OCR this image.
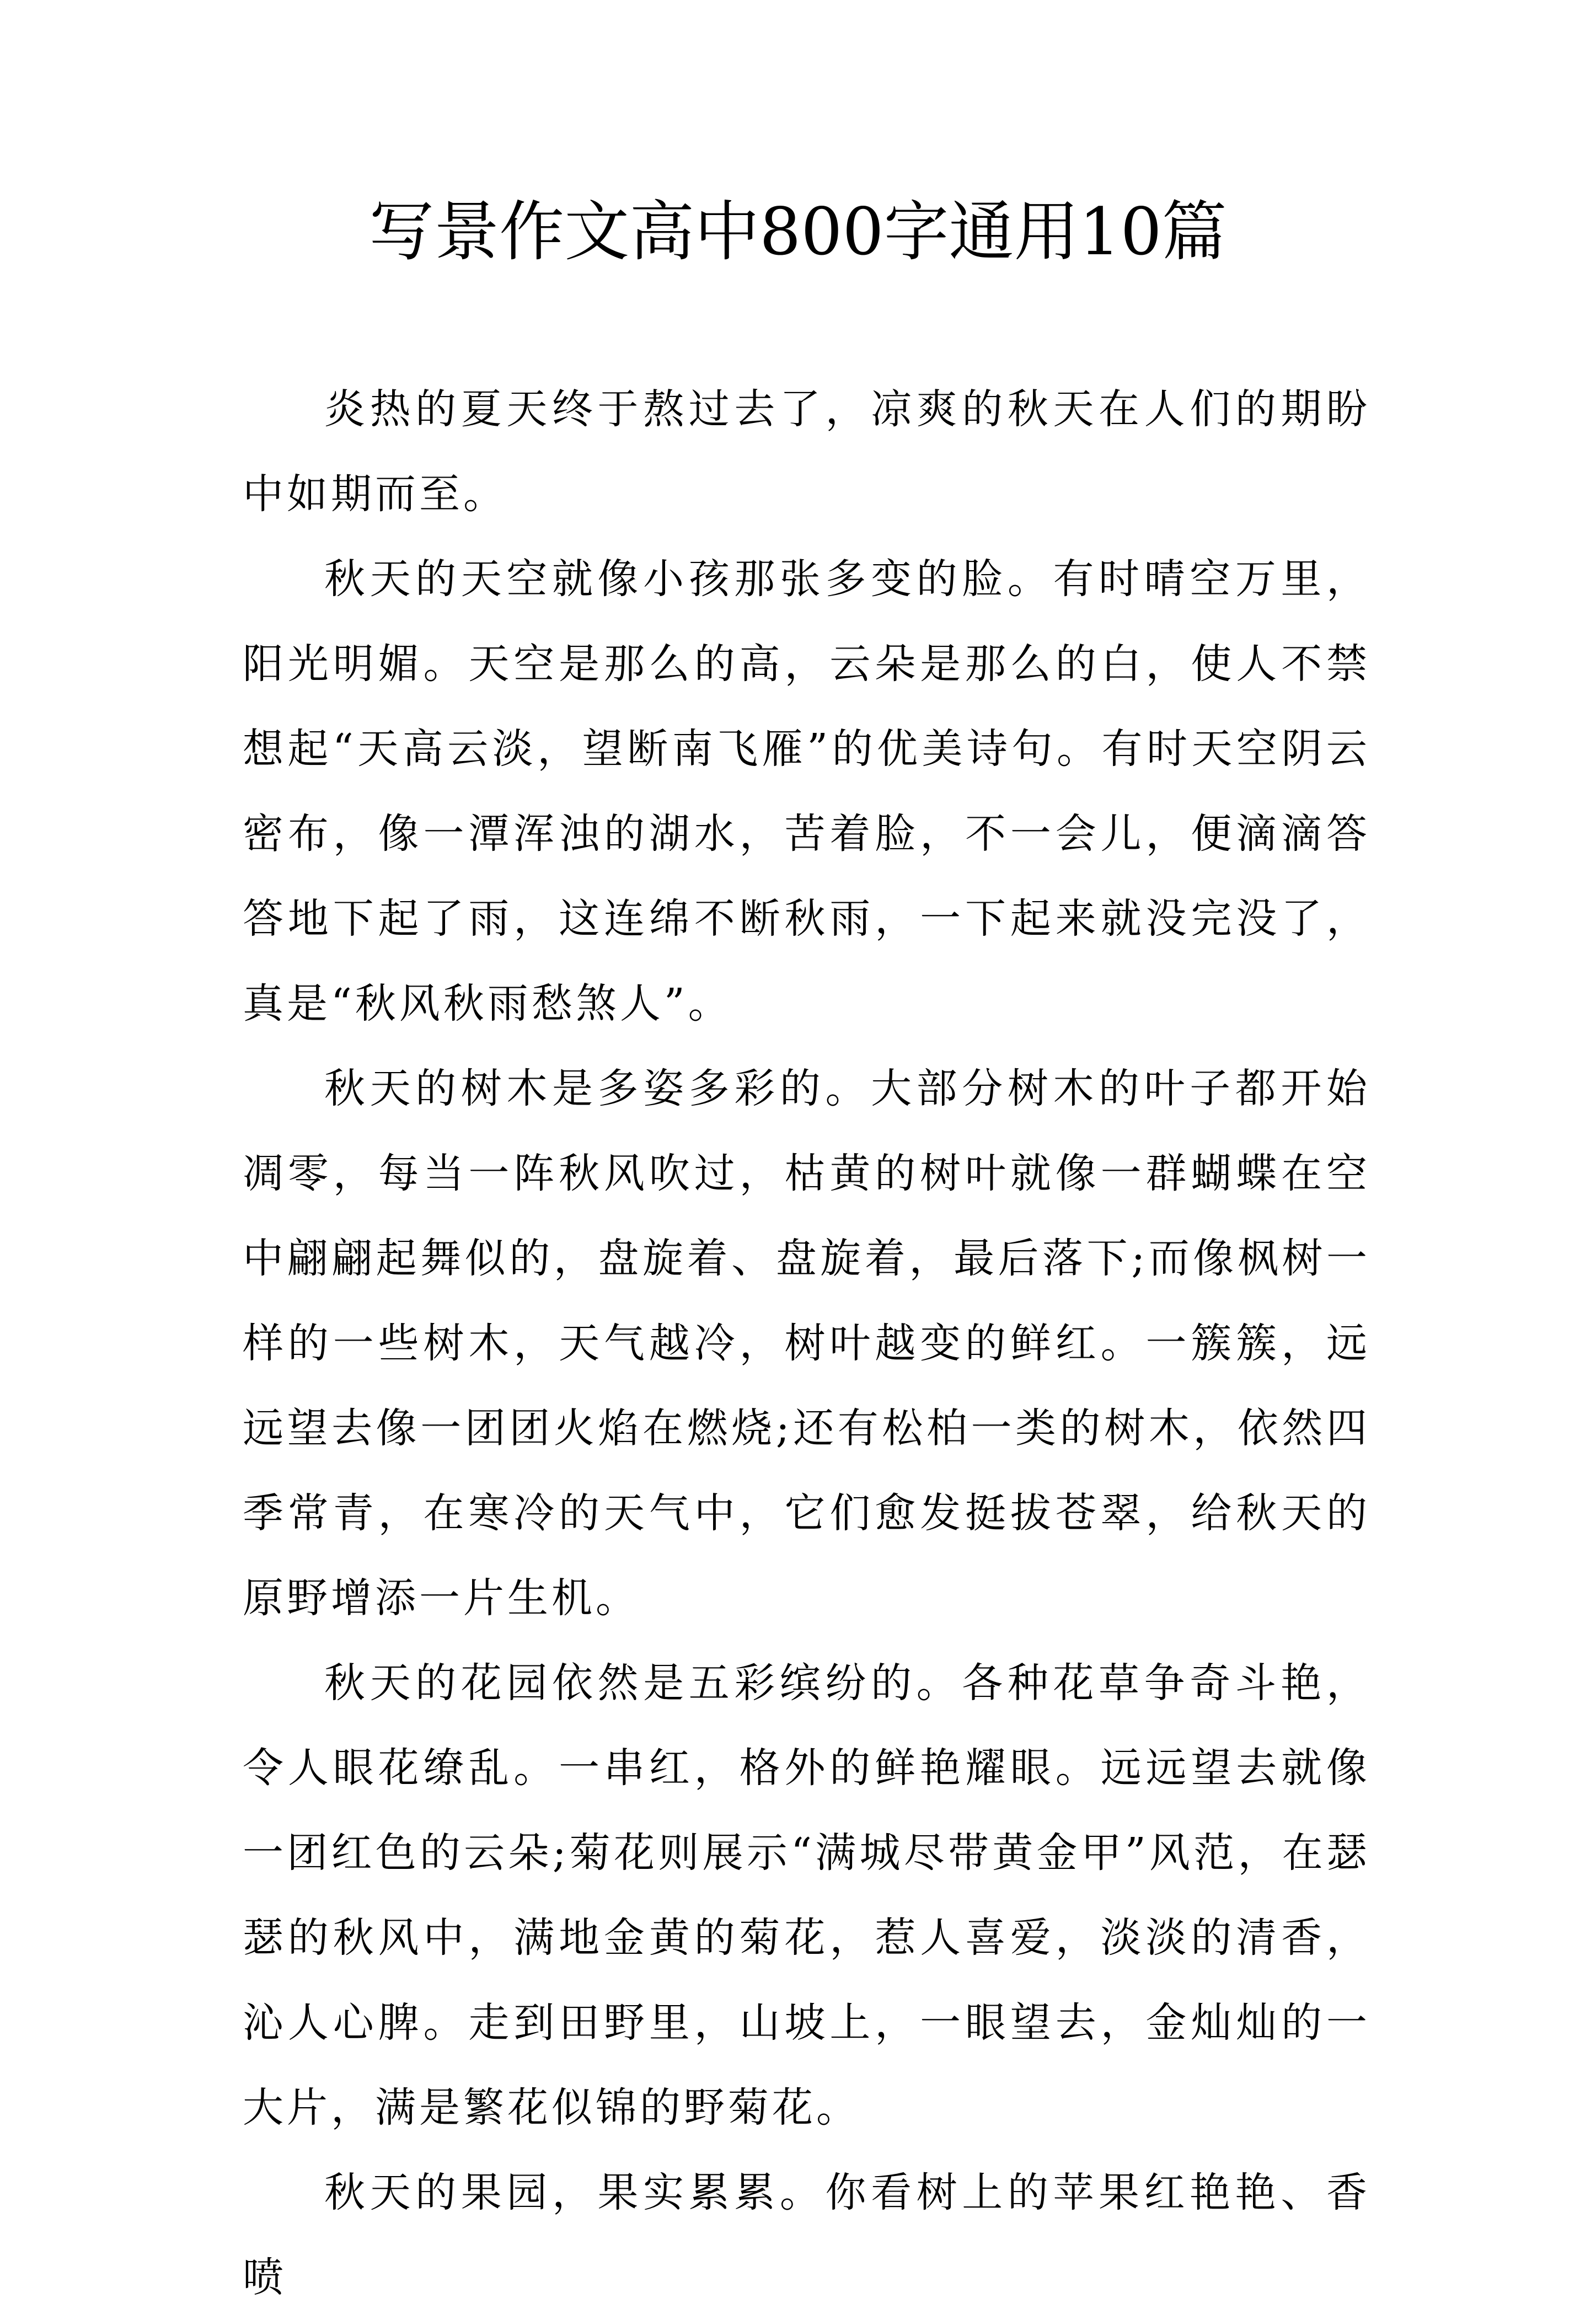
写景作文高中800字通用10篇

炎热的夏天终于熬过去了，凉爽的秋天在人们的期盼中如期而至。

秋天的天空就像小孩那张多变的脸。有时晴空万里，阳光明媚。天空是那么的高，云朵是那么的白，使人不禁想起“天高云淡，望断南飞雁”的优美诗句。有时天空阴云密布，像一潭浑浊的湖水，苦着脸，不一会儿，便滴滴答答地下起了雨，这连绵不断秋雨，一下起来就没完没了，真是“秋风秋雨愁煞人”。

秋天的树木是多姿多彩的。大部分树木的叶子都开始凋零，每当一阵秋风吹过，枯黄的树叶就像一群蝴蝶在空中翩翩起舞似的，盘旋着、盘旋着，最后落下;而像枫树一样的一些树木，天气越冷，树叶越变的鲜红。一簇簇，远远望去像一团团火焰在燃烧;还有松柏一类的树木，依然四季常青，在寒冷的天气中，它们愈发挺拔苍翠，给秋天的原野增添一片生机。

秋天的花园依然是五彩缤纷的。各种花草争奇斗艳，令人眼花缭乱。一串红，格外的鲜艳耀眼。远远望去就像一团红色的云朵;菊花则展示“满城尽带黄金甲”风范，在瑟瑟的秋风中，满地金黄的菊花，惹人喜爱，淡淡的清香，沁人心脾。走到田野里，山坡上，一眼望去，金灿灿的一大片，满是繁花似锦的野菊花。

秋天的果园，果实累累。你看树上的苹果红艳艳、香喷
